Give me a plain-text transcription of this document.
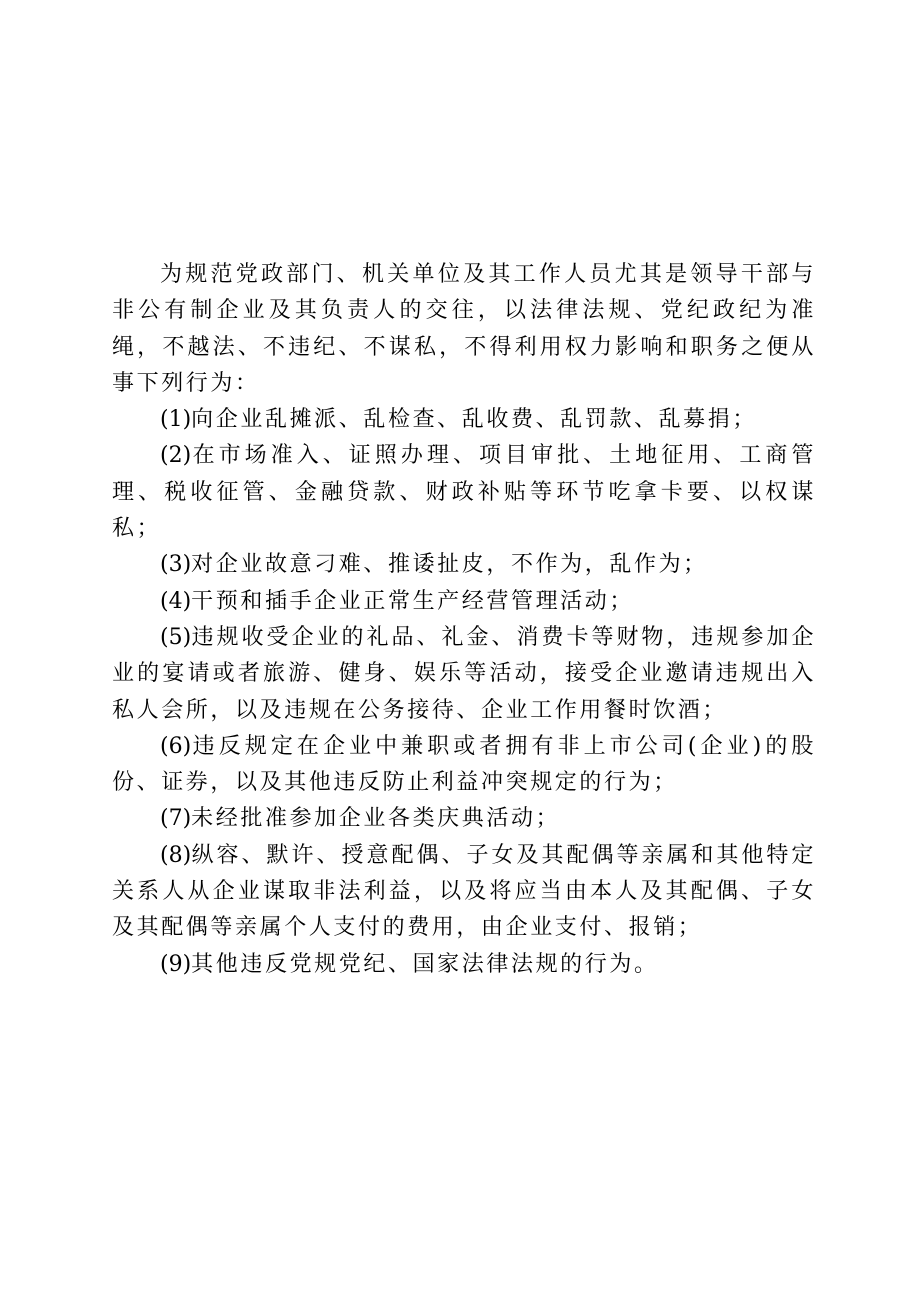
为规范党政部门、机关单位及其工作人员尤其是领导干部与非公有制企业及其负责人的交往，以法律法规、党纪政纪为准绳，不越法、不违纪、不谋私，不得利用权力影响和职务之便从事下列行为：

(1)向企业乱摊派、乱检查、乱收费、乱罚款、乱募捐；

(2)在市场准入、证照办理、项目审批、土地征用、工商管理、税收征管、金融贷款、财政补贴等环节吃拿卡要、以权谋私；

(3)对企业故意刁难、推诿扯皮，不作为，乱作为；

(4)干预和插手企业正常生产经营管理活动；

(5)违规收受企业的礼品、礼金、消费卡等财物，违规参加企业的宴请或者旅游、健身、娱乐等活动，接受企业邀请违规出入私人会所，以及违规在公务接待、企业工作用餐时饮酒；

(6)违反规定在企业中兼职或者拥有非上市公司(企业)的股份、证券，以及其他违反防止利益冲突规定的行为；

(7)未经批准参加企业各类庆典活动；

(8)纵容、默许、授意配偶、子女及其配偶等亲属和其他特定关系人从企业谋取非法利益，以及将应当由本人及其配偶、子女及其配偶等亲属个人支付的费用，由企业支付、报销；

(9)其他违反党规党纪、国家法律法规的行为。
